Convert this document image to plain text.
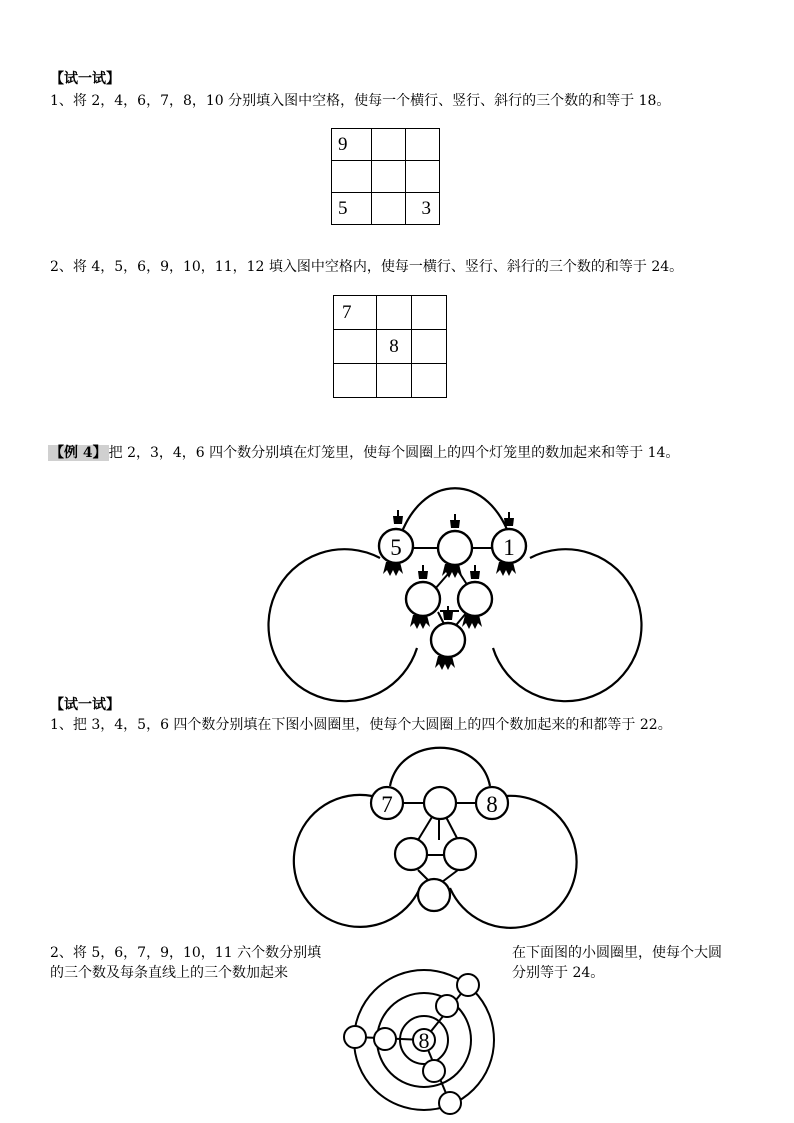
【试一试】
1、将 2，4，6，7，8，10 分别填入图中空格，使每一个横行、竖行、斜行的三个数的和等于 18。
9		

5		3
2、将 4，5，6，9，10，11，12 填入图中空格内，使每一横行、竖行、斜行的三个数的和等于 24。
7		
	8	

【例 4】 把 2，3，4，6 四个数分别填在灯笼里，使每个圆圈上的四个灯笼里的数加起来和等于 14。
5	1
【试一试】
1、把 3，4，5，6 四个数分别填在下图小圆圈里，使每个大圆圈上的四个数加起来的和都等于 22。
7	8
2、将 5，6，7，9，10，11 六个数分别填
的三个数及每条直线上的三个数加起来
在下面图的小圆圈里，使每个大圆
分别等于 24。
8
